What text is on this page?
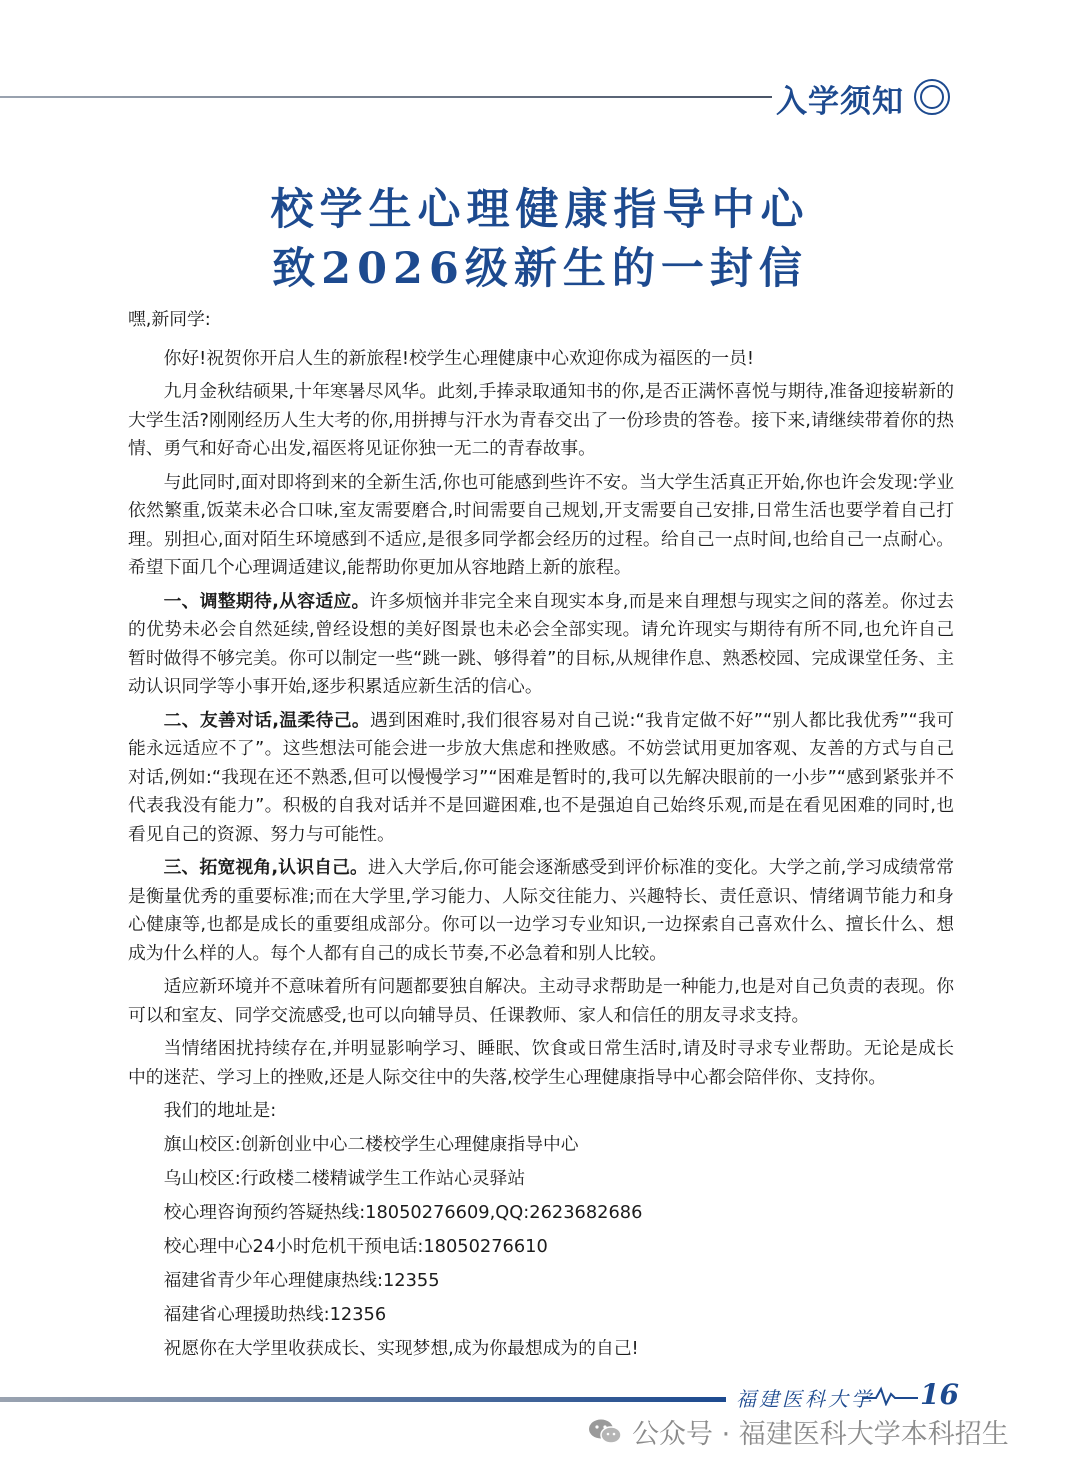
入学须知
校学生心理健康指导中心
致2026级新生的一封信

嘿,新同学:

你好!祝贺你开启人生的新旅程!校学生心理健康中心欢迎你成为福医的一员!

九月金秋结硕果,十年寒暑尽风华。此刻,手捧录取通知书的你,是否正满怀喜悦与期待,准备迎接崭新的大学生活?刚刚经历人生大考的你,用拼搏与汗水为青春交出了一份珍贵的答卷。接下来,请继续带着你的热情、勇气和好奇心出发,福医将见证你独一无二的青春故事。

与此同时,面对即将到来的全新生活,你也可能感到些许不安。当大学生活真正开始,你也许会发现:学业依然繁重,饭菜未必合口味,室友需要磨合,时间需要自己规划,开支需要自己安排,日常生活也要学着自己打理。别担心,面对陌生环境感到不适应,是很多同学都会经历的过程。给自己一点时间,也给自己一点耐心。希望下面几个心理调适建议,能帮助你更加从容地踏上新的旅程。

一、调整期待,从容适应。许多烦恼并非完全来自现实本身,而是来自理想与现实之间的落差。你过去的优势未必会自然延续,曾经设想的美好图景也未必会全部实现。请允许现实与期待有所不同,也允许自己暂时做得不够完美。你可以制定一些“跳一跳、够得着”的目标,从规律作息、熟悉校园、完成课堂任务、主动认识同学等小事开始,逐步积累适应新生活的信心。

二、友善对话,温柔待己。遇到困难时,我们很容易对自己说:“我肯定做不好”“别人都比我优秀”“我可能永远适应不了”。这些想法可能会进一步放大焦虑和挫败感。不妨尝试用更加客观、友善的方式与自己对话,例如:“我现在还不熟悉,但可以慢慢学习”“困难是暂时的,我可以先解决眼前的一小步”“感到紧张并不代表我没有能力”。积极的自我对话并不是回避困难,也不是强迫自己始终乐观,而是在看见困难的同时,也看见自己的资源、努力与可能性。

三、拓宽视角,认识自己。进入大学后,你可能会逐渐感受到评价标准的变化。大学之前,学习成绩常常是衡量优秀的重要标准;而在大学里,学习能力、人际交往能力、兴趣特长、责任意识、情绪调节能力和身心健康等,也都是成长的重要组成部分。你可以一边学习专业知识,一边探索自己喜欢什么、擅长什么、想成为什么样的人。每个人都有自己的成长节奏,不必急着和别人比较。

适应新环境并不意味着所有问题都要独自解决。主动寻求帮助是一种能力,也是对自己负责的表现。你可以和室友、同学交流感受,也可以向辅导员、任课教师、家人和信任的朋友寻求支持。

当情绪困扰持续存在,并明显影响学习、睡眠、饮食或日常生活时,请及时寻求专业帮助。无论是成长中的迷茫、学习上的挫败,还是人际交往中的失落,校学生心理健康指导中心都会陪伴你、支持你。

我们的地址是:

旗山校区:创新创业中心二楼校学生心理健康指导中心

乌山校区:行政楼二楼精诚学生工作站心灵驿站

校心理咨询预约答疑热线:18050276609,QQ:2623682686

校心理中心24小时危机干预电话:18050276610

福建省青少年心理健康热线:12355

福建省心理援助热线:12356

祝愿你在大学里收获成长、实现梦想,成为你最想成为的自己!

福建医科大学 16
公众号 · 福建医科大学本科招生
